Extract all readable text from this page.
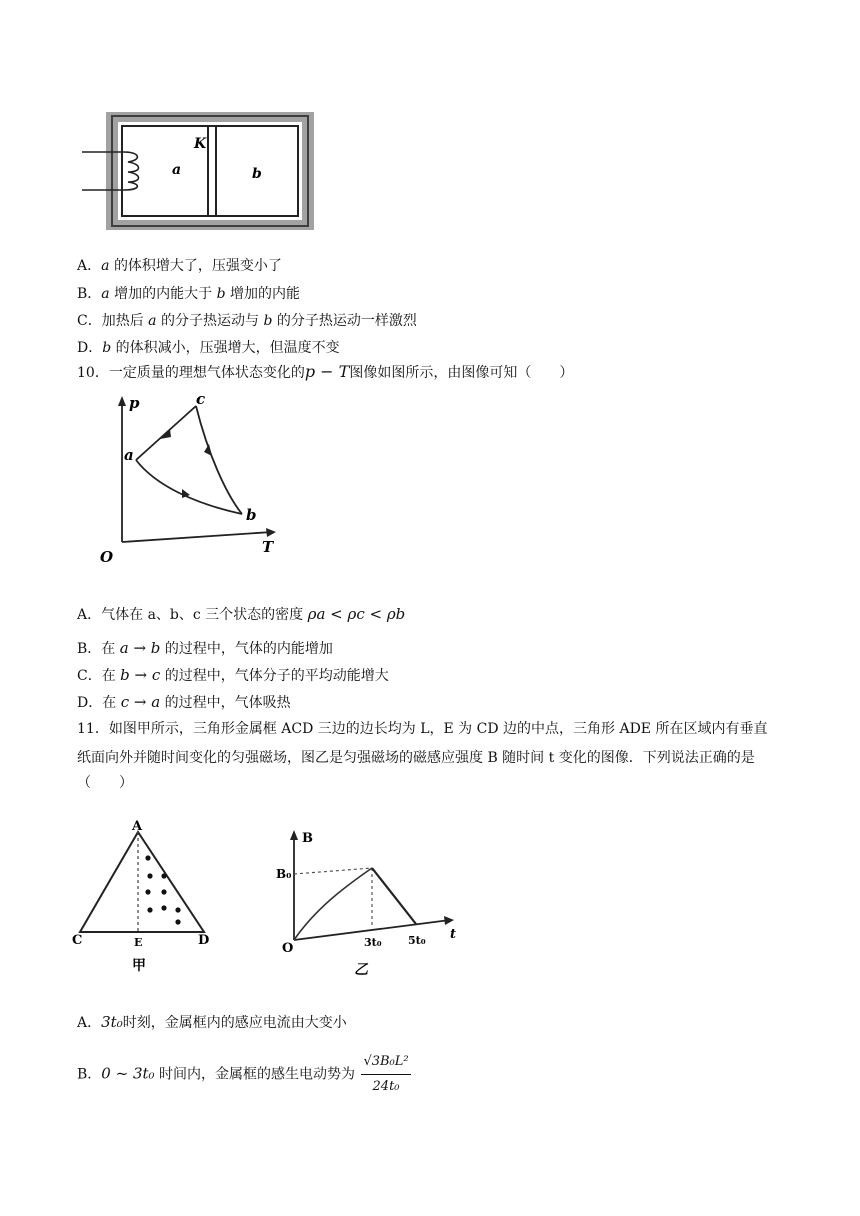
K
a	b
A．a 的体积增大了，压强变小了
B．a 增加的内能大于 b 增加的内能
C．加热后 a 的分子热运动与 b 的分子热运动一样激烈
D．b 的体积减小，压强增大，但温度不变
10．一定质量的理想气体状态变化的p − T图像如图所示，由图像可知（　　）
p
T
O
a
b
c
A．气体在 a、b、c 三个状态的密度 ρa < ρc < ρb
B．在 a → b 的过程中，气体的内能增加
C．在 b → c 的过程中，气体分子的平均动能增大
D．在 c → a 的过程中，气体吸热
11．如图甲所示，三角形金属框 ACD 三边的边长均为 L，E 为 CD 边的中点，三角形 ADE 所在区域内有垂直
纸面向外并随时间变化的匀强磁场，图乙是匀强磁场的磁感应强度 B 随时间 t 变化的图像．下列说法正确的是
（　　）
A
C	E	D
甲
B
t
O
B₀
3t₀ 5t₀
乙
A．3t₀时刻，金属框内的感应电流由大变小
B．0 ~ 3t₀ 时间内，金属框的感生电动势为 $\frac{\text{√3B₀L²}}{\text{24t₀}}$
